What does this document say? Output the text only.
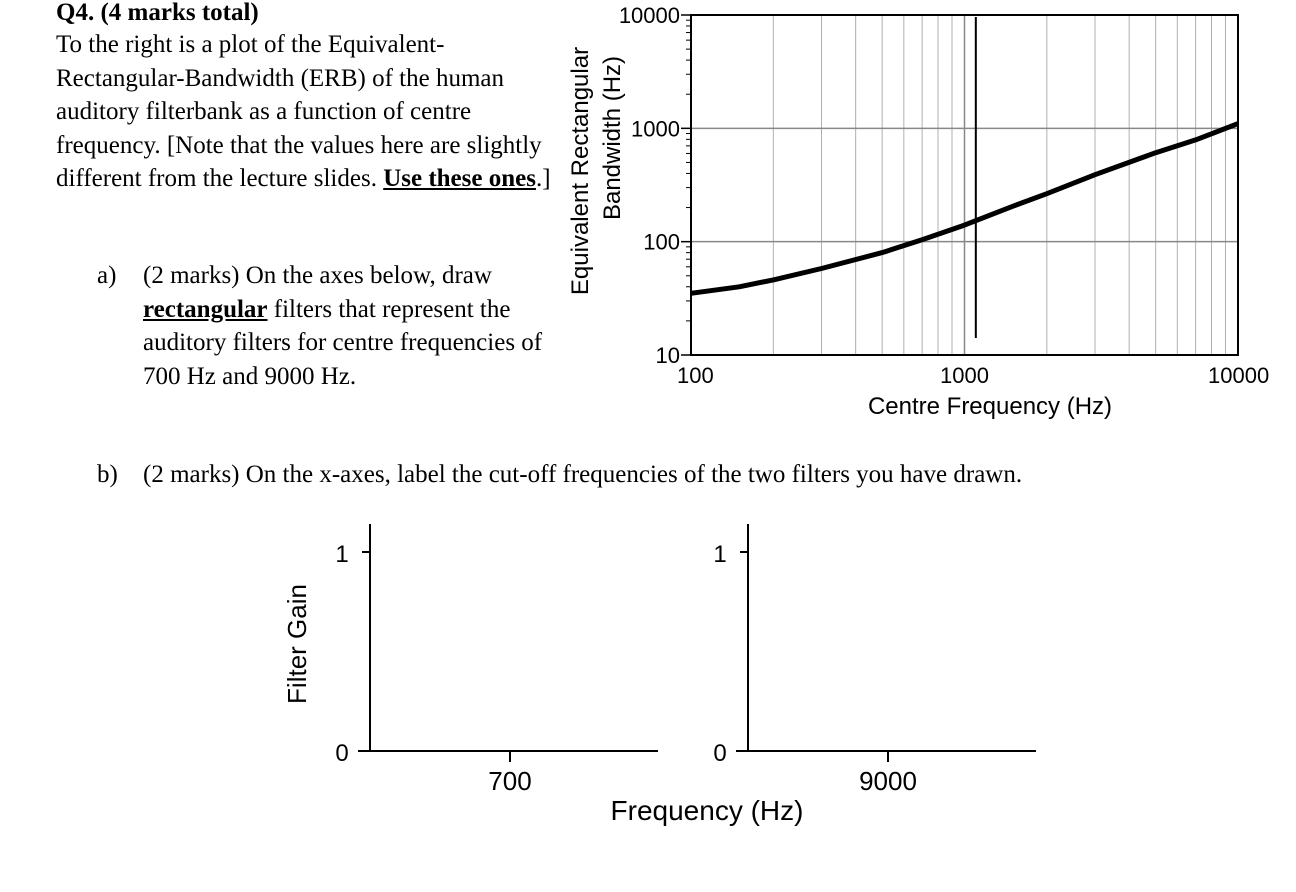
Q4. (4 marks total)

To the right is a plot of the Equivalent-Rectangular-Bandwidth (ERB) of the human auditory filterbank as a function of centre frequency. [Note that the values here are slightly different from the lecture slides. Use these ones.]

a) (2 marks) On the axes below, draw rectangular filters that represent the auditory filters for centre frequencies of 700 Hz and 9000 Hz.
b) (2 marks) On the x-axes, label the cut-off frequencies of the two filters you have drawn.
10
100
1000
10000
100	1000	10000
Centre Frequency (Hz)
Equivalent Rectangular Bandwidth (Hz)
1
0
700
Filter Gain
1
0
9000
Frequency (Hz)
